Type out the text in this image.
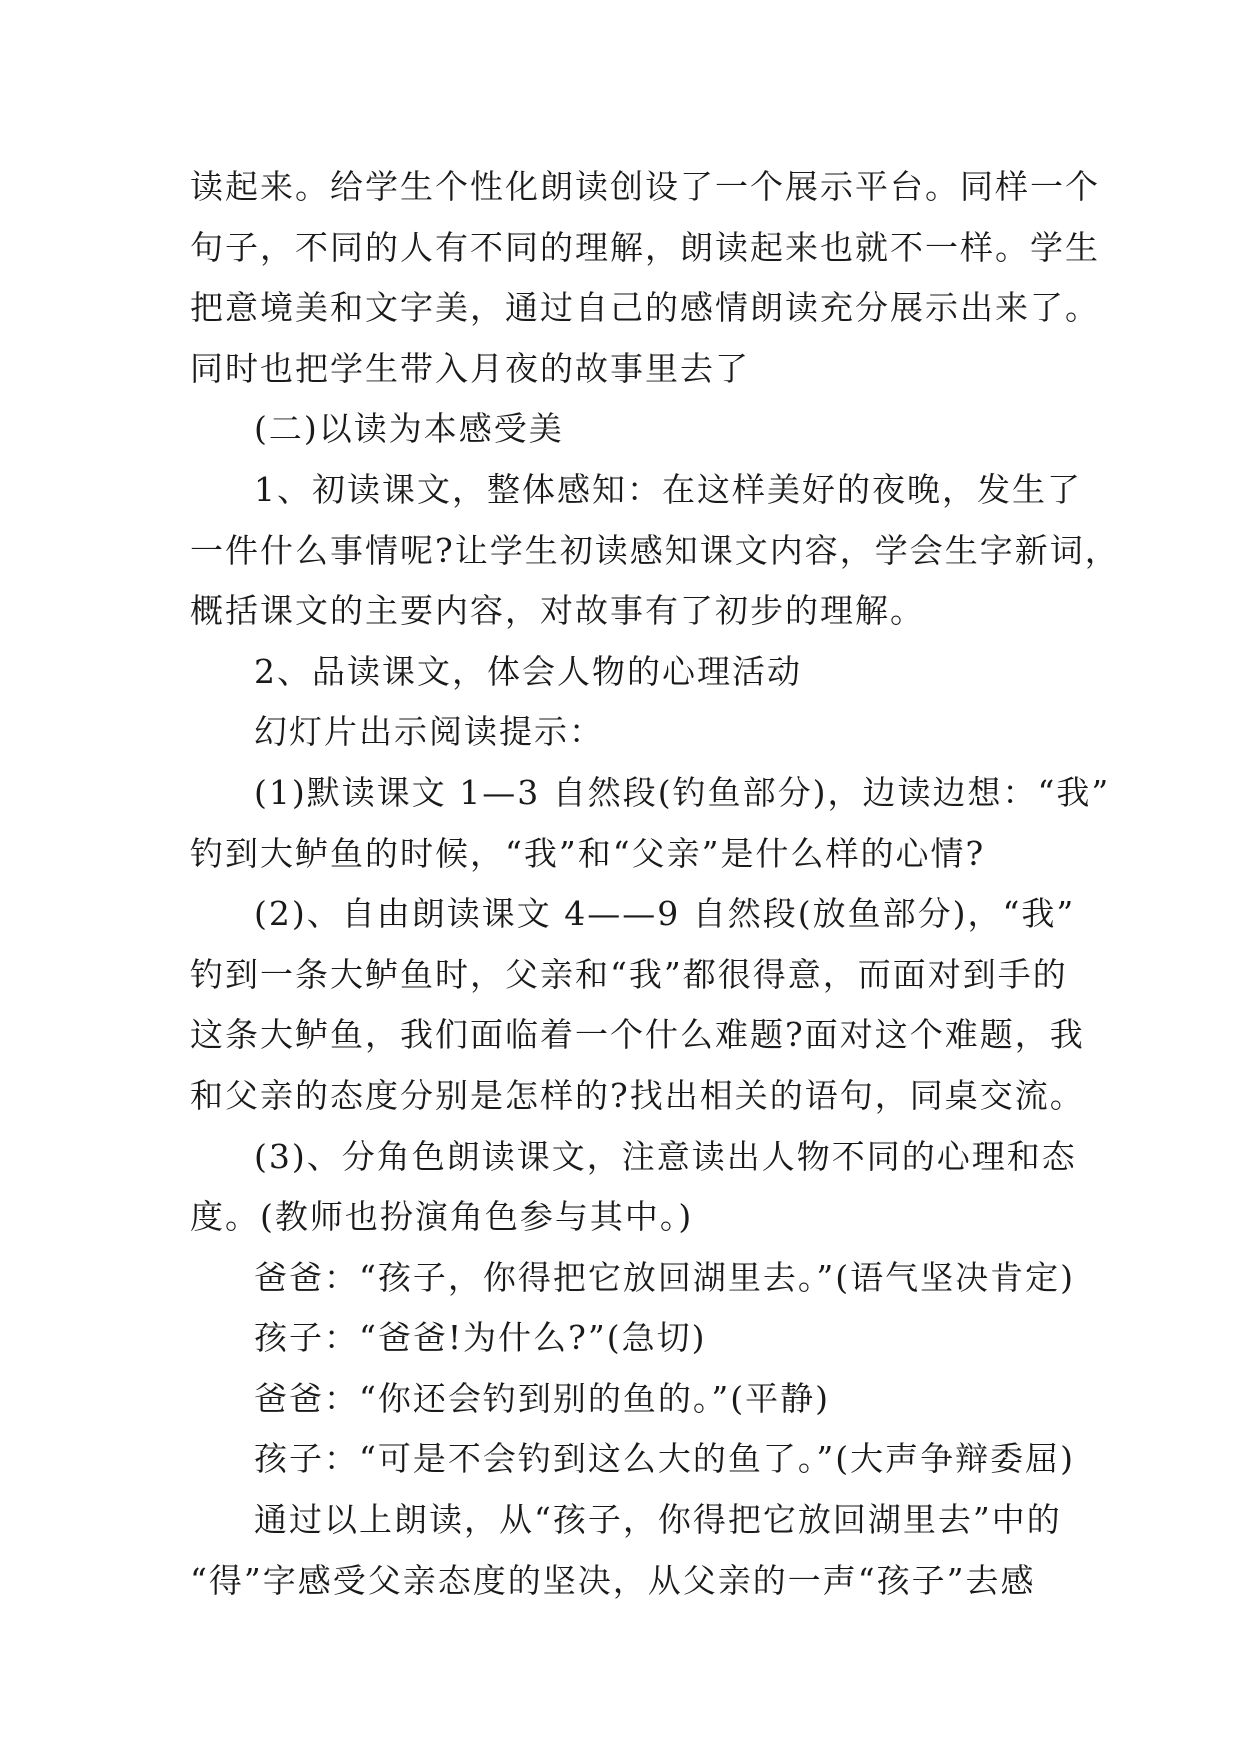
读起来。给学生个性化朗读创设了一个展示平台。同样一个
句子，不同的人有不同的理解，朗读起来也就不一样。学生
把意境美和文字美，通过自己的感情朗读充分展示出来了。
同时也把学生带入月夜的故事里去了
(二)以读为本感受美
1、初读课文，整体感知：在这样美好的夜晚，发生了
一件什么事情呢?让学生初读感知课文内容，学会生字新词，
概括课文的主要内容，对故事有了初步的理解。
2、品读课文，体会人物的心理活动
幻灯片出示阅读提示：
(1)默读课文 1—3 自然段(钓鱼部分)，边读边想：“我”
钓到大鲈鱼的时候，“我”和“父亲”是什么样的心情?
(2)、自由朗读课文 4——9 自然段(放鱼部分)，“我”
钓到一条大鲈鱼时，父亲和“我”都很得意，而面对到手的
这条大鲈鱼，我们面临着一个什么难题?面对这个难题，我
和父亲的态度分别是怎样的?找出相关的语句，同桌交流。
(3)、分角色朗读课文，注意读出人物不同的心理和态
度。(教师也扮演角色参与其中。)
爸爸：“孩子，你得把它放回湖里去。”(语气坚决肯定)
孩子：“爸爸!为什么?”(急切)
爸爸：“你还会钓到别的鱼的。”(平静)
孩子：“可是不会钓到这么大的鱼了。”(大声争辩委屈)
通过以上朗读，从“孩子，你得把它放回湖里去”中的
“得”字感受父亲态度的坚决，从父亲的一声“孩子”去感
